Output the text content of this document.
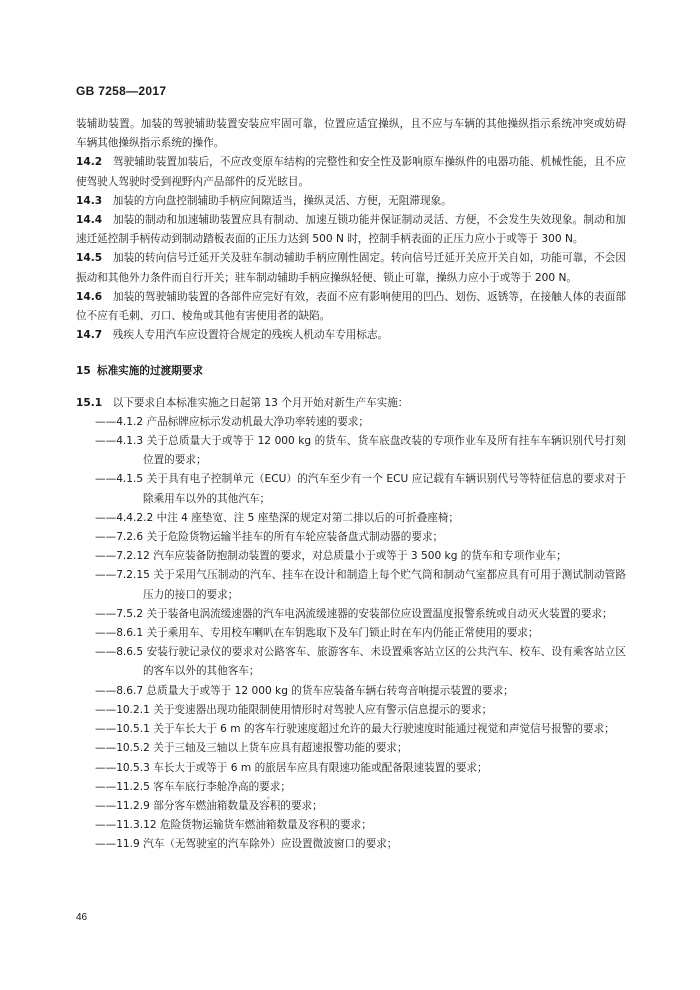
GB 7258—2017

装辅助装置。加装的驾驶辅助装置安装应牢固可靠，位置应适宜操纵，且不应与车辆的其他操纵指示系统冲突或妨碍车辆其他操纵指示系统的操作。

14.2　 驾驶辅助装置加装后，不应改变原车结构的完整性和安全性及影响原车操纵件的电器功能、机械性能，且不应使驾驶人驾驶时受到视野内产品部件的反光眩目。

14.3　 加装的方向盘控制辅助手柄应间隙适当，操纵灵活、方便，无阻滞现象。

14.4　 加装的制动和加速辅助装置应具有制动、加速互锁功能并保证制动灵活、方便，不会发生失效现象。制动和加速迁延控制手柄传动到制动踏板表面的正压力达到 500 N 时，控制手柄表面的正压力应小于或等于 300 N。

14.5　 加装的转向信号迁延开关及驻车制动辅助手柄应刚性固定。转向信号迁延开关应开关自如，功能可靠，不会因振动和其他外力条件而自行开关；驻车制动辅助手柄应操纵轻便、锁止可靠，操纵力应小于或等于 200 N。

14.6　 加装的驾驶辅助装置的各部件应完好有效，表面不应有影响使用的凹凸、划伤、返锈等，在接触人体的表面部位不应有毛刺、刃口、棱角或其他有害使用者的缺陷。

14.7　 残疾人专用汽车应设置符合规定的残疾人机动车专用标志。

15 标准实施的过渡期要求

15.1　 以下要求自本标准实施之日起第 13 个月开始对新生产车实施：

——4.1.2 产品标牌应标示发动机最大净功率转速的要求；

——4.1.3 关于总质量大于或等于 12 000 kg 的货车、货车底盘改装的专项作业车及所有挂车车辆识别代号打刻位置的要求；

——4.1.5 关于具有电子控制单元（ECU）的汽车至少有一个 ECU 应记载有车辆识别代号等特征信息的要求对于除乘用车以外的其他汽车；

——4.4.2.2 中注 4 座垫宽、注 5 座垫深的规定对第二排以后的可折叠座椅；

——7.2.6 关于危险货物运输半挂车的所有车轮应装备盘式制动器的要求；

——7.2.12 汽车应装备防抱制动装置的要求，对总质量小于或等于 3 500 kg 的货车和专项作业车；

——7.2.15 关于采用气压制动的汽车、挂车在设计和制造上每个贮气筒和制动气室都应具有可用于测试制动管路压力的接口的要求；

——7.5.2 关于装备电涡流缓速器的汽车电涡流缓速器的安装部位应设置温度报警系统或自动灭火装置的要求；

——8.6.1 关于乘用车、专用校车喇叭在车钥匙取下及车门锁止时在车内仍能正常使用的要求；

——8.6.5 安装行驶记录仪的要求对公路客车、旅游客车、未设置乘客站立区的公共汽车、校车、设有乘客站立区的客车以外的其他客车；

——8.6.7 总质量大于或等于 12 000 kg 的货车应装备车辆右转弯音响提示装置的要求；

——10.2.1 关于变速器出现功能限制使用情形时对驾驶人应有警示信息提示的要求；

——10.5.1 关于车长大于 6 m 的客车行驶速度超过允许的最大行驶速度时能通过视觉和声觉信号报警的要求；

——10.5.2 关于三轴及三轴以上货车应具有超速报警功能的要求；

——10.5.3 车长大于或等于 6 m 的旅居车应具有限速功能或配备限速装置的要求；

——11.2.5 客车车底行李舱净高的要求；

——11.2.9 部分客车燃油箱数量及容积的要求；

——11.3.12 危险货物运输货车燃油箱数量及容积的要求；

——11.9 汽车（无驾驶室的汽车除外）应设置微波窗口的要求；

✕
46
